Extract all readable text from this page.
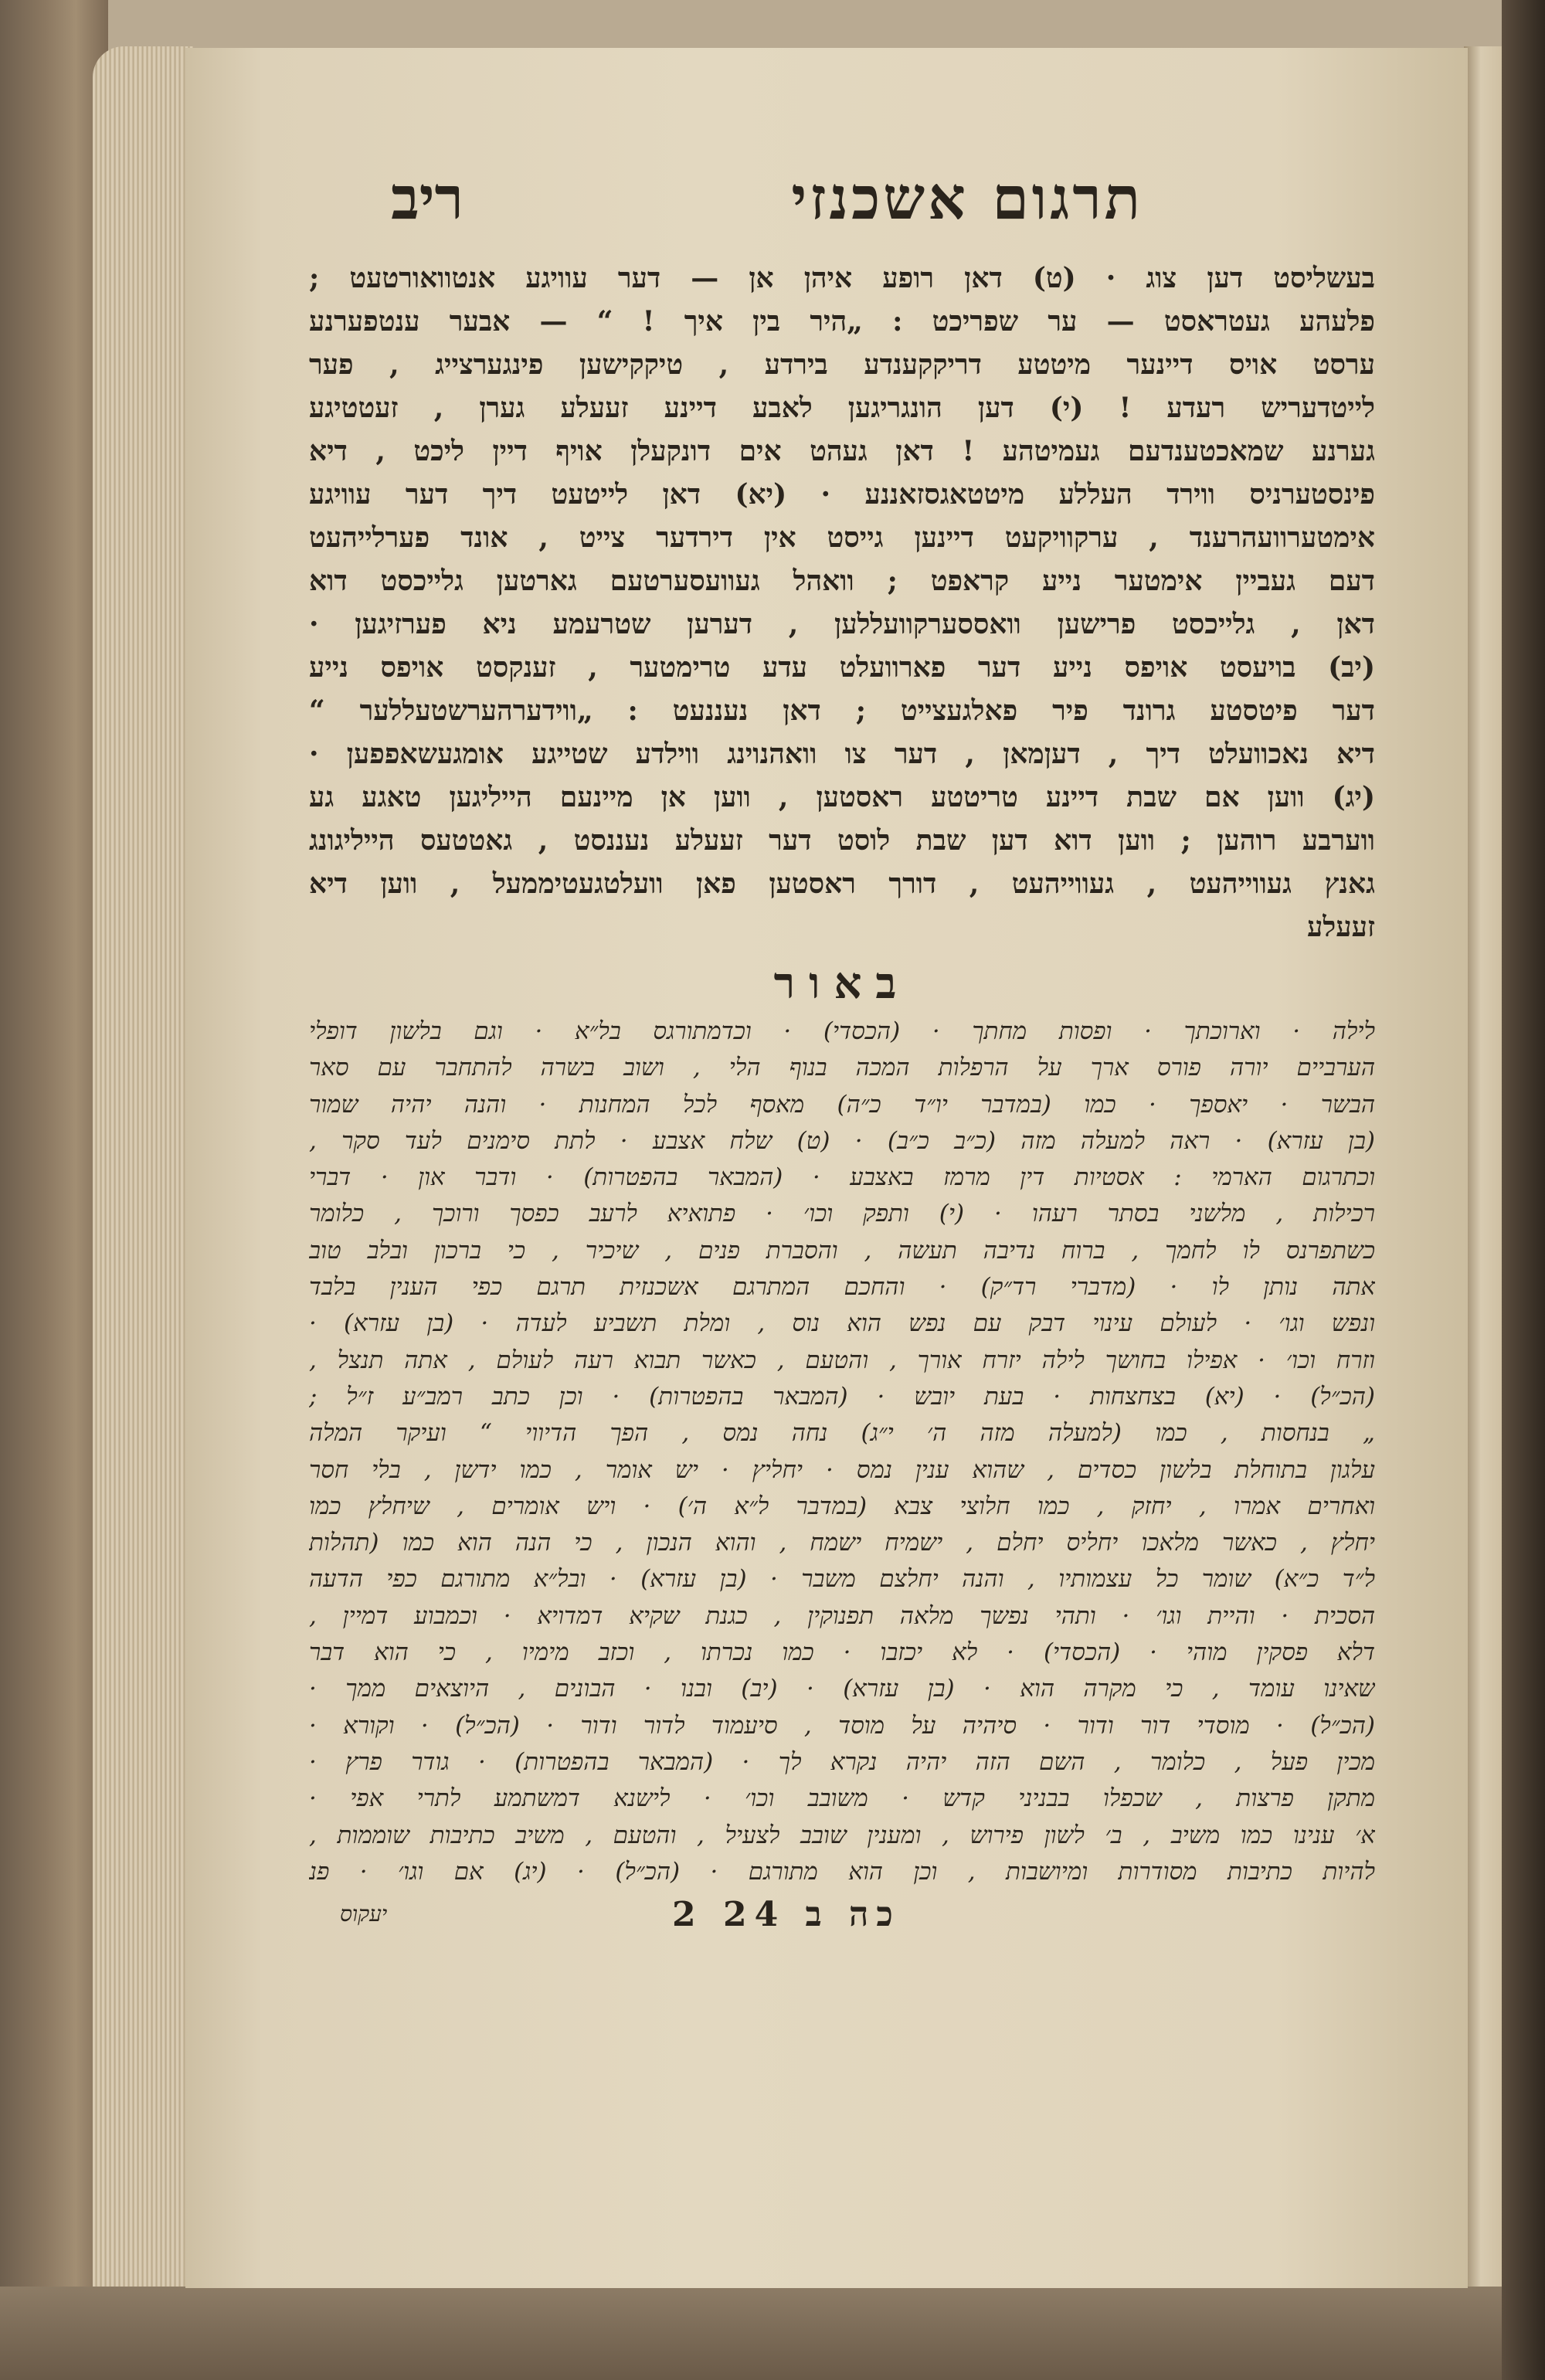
תרגום אשכנזי
ריב
בעשליסט דען צוג · (ט) דאן רופע איהן אן — דער עוויגע אנטוואורטעט ;
פלעהע געטראסט — ער שפריכט : „היר בין איך ! “ — אבער ענטפערנע
ערסט אויס דיינער מיטטע דריקקענדע בירדע , טיקקישען פינגערצייג , פער
לייטדעריש רעדע ! (י) דען הונגריגען לאבע דיינע זעעלע גערן , זעטטיגע
גערנע שמאכטענדעם געמיטהע ! דאן געהט אים דונקעלן אויף דיין ליכט , דיא
פינסטערניס ווירד העללע מיטטאגסזאננע · (יא) דאן לייטעט דיך דער עוויגע
אימטערוועהרענד , ערקוויקעט דיינען גייסט אין דירדער צייט , אונד פערלייהעט
דעם געביין אימטער נייע קראפט ; וואהל געוועסערטעם גארטען גלייכסט דוא
דאן , גלייכסט פרישען וואססערקוועללען , דערען שטרעמע ניא פערזיגען ·
(יב) בויעסט אויפס נייע דער פארוועלט עדע טרימטער , זענקסט אויפס נייע
דער פיטסטע גרונד פיר פאלגעצייט ; דאן נעננעט : „ווידערהערשטעללער “
דיא נאכוועלט דיך , דעןמאן , דער צו וואהנוינג ווילדע שטייגע אומגעשאפפען ·
(יג) ווען אם שבת דיינע טריטטע ראסטען , ווען אן מיינעם הייליגען טאגע גע
ווערבע רוהען ; ווען דוא דען שבת לוסט דער זעעלע נעננסט , גאטטעס הייליגונג
גאנץ געווייהעט , געווייהעט , דורך ראסטען פאן וועלטגעטיממעל , ווען דיא
זעעלע
באור
לילה · וארוכתך · ופסות מחתך · (הכסדי) · וכדמתורגס בל״א · וגם בלשון דופלי
הערביים יורה פורס ארך על הרפלות המכה בנוף הלי , ושוב בשרה להתחבר עם סאר
הבשר · יאספך · כמו (במדבר יו״ד כ״ה) מאסף לכל המחנות · והנה יהיה שמור
(בן עזרא) · ראה למעלה מזה (כ״ב כ״ב) · (ט) שלח אצבע · לתת סימנים לעד סקר ,
וכתרגום הארמי : אסטיות דין מרמז באצבע · (המבאר בהפטרות) · ודבר און · דברי
רכילות , מלשני בסתר רעהו · (י) ותפק וכו׳ · פתואיא לרעב כפסך ורוכך , כלומר
כשתפרנס לו לחמך , ברוח נדיבה תעשה , והסברת פנים , שיכיר , כי ברכון ובלב טוב
אתה נותן לו · (מדברי רד״ק) · והחכם המתרגם אשכנזית תרגם כפי הענין בלבד
ונפש וגו׳ · לעולם עינוי דבק עם נפש הוא נוס , ומלת תשביע לעדה · (בן עזרא) ·
וזרח וכו׳ · אפילו בחושך לילה יזרח אורך , והטעם , כאשר תבוא רעה לעולם , אתה תנצל ,
(הכ״ל) · (יא) בצחצחות · בעת יובש · (המבאר בהפטרות) · וכן כתב רמב״ע ז״ל ;
„ בנחסות , כמו (למעלה מזה ה׳ י״ג) נחה נמס , הפך הדיווי “ ועיקר המלה
עלגון בתוחלת בלשון כסדים , שהוא ענין נמס · יחליץ · יש אומר , כמו ידשן , בלי חסר
ואחרים אמרו , יחזק , כמו חלוצי צבא (במדבר ל״א ה׳) · ויש אומרים , שיחלץ כמו
יחלץ , כאשר מלאכו יחליס יחלם , ישמיח ישמח , והוא הנכון , כי הנה הוא כמו (תהלות
ל״ד כ״א) שומר כל עצמותיו , והנה יחלצם משבר · (בן עזרא) · ובל״א מתורגם כפי הדעה
הסכית · והיית וגו׳ · ותהי נפשך מלאה תפנוקין , כגנת שקיא דמדויא · וכמבוע דמיין ,
דלא פסקין מוהי · (הכסדי) · לא יכזבו · כמו נכרתו , וכזב מימיו , כי הוא דבר
שאינו עומד , כי מקרה הוא · (בן עזרא) · (יב) ובנו · הבונים , היוצאים ממך ·
(הכ״ל) · מוסדי דור ודור · סיהיה על מוסד , סיעמוד לדור ודור · (הכ״ל) · וקורא ·
מכין פעל , כלומר , השם הזה יהיה נקרא לך · (המבאר בהפטרות) · גודר פרץ ·
מתקן פרצות , שכפלו בבניני קדש · משובב וכו׳ · לישנא דמשתמע לתרי אפי ·
א׳ ענינו כמו משיב , ב׳ לשון פירוש , ומענין שובב לצעיל , והטעם , משיב כתיבות שוממות ,
להיות כתיבות מסודרות ומיושבות , וכן הוא מתורגם · (הכ״ל) · (יג) אם וגו׳ · פנ
כה ב 24 2
יעקוס
